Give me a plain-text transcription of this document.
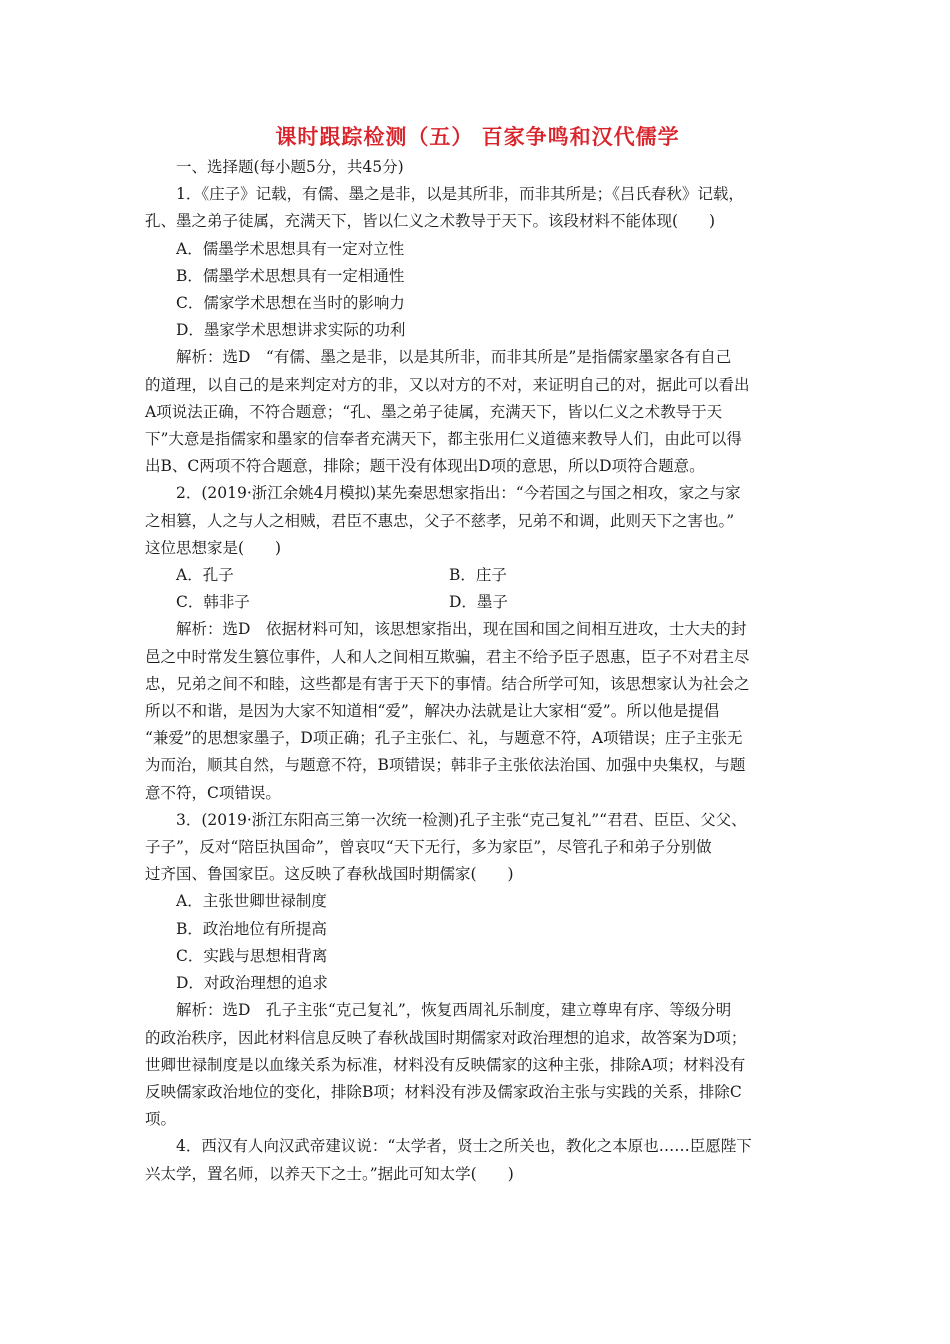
课时跟踪检测（五） 百家争鸣和汉代儒学

一、选择题(每小题5分，共45分)

1．《庄子》记载，有儒、墨之是非，以是其所非，而非其所是；《吕氏春秋》记载，

孔、墨之弟子徒属，充满天下，皆以仁义之术教导于天下。该段材料不能体现(　　)

A．儒墨学术思想具有一定对立性

B．儒墨学术思想具有一定相通性

C．儒家学术思想在当时的影响力

D．墨家学术思想讲求实际的功利

解析：选D　“有儒、墨之是非，以是其所非，而非其所是”是指儒家墨家各有自己

的道理，以自己的是来判定对方的非，又以对方的不对，来证明自己的对，据此可以看出

A项说法正确，不符合题意；“孔、墨之弟子徒属，充满天下，皆以仁义之术教导于天

下”大意是指儒家和墨家的信奉者充满天下，都主张用仁义道德来教导人们，由此可以得

出B、C两项不符合题意，排除；题干没有体现出D项的意思，所以D项符合题意。

2．(2019·浙江余姚4月模拟)某先秦思想家指出：“今若国之与国之相攻，家之与家

之相篡，人之与人之相贼，君臣不惠忠，父子不慈孝，兄弟不和调，此则天下之害也。”

这位思想家是(　　)

A．孔子	B．庄子
C．韩非子	D．墨子

解析：选D　依据材料可知，该思想家指出，现在国和国之间相互进攻，士大夫的封

邑之中时常发生篡位事件，人和人之间相互欺骗，君主不给予臣子恩惠，臣子不对君主尽

忠，兄弟之间不和睦，这些都是有害于天下的事情。结合所学可知，该思想家认为社会之

所以不和谐，是因为大家不知道相“爱”，解决办法就是让大家相“爱”。所以他是提倡

“兼爱”的思想家墨子，D项正确；孔子主张仁、礼，与题意不符，A项错误；庄子主张无

为而治，顺其自然，与题意不符，B项错误；韩非子主张依法治国、加强中央集权，与题

意不符，C项错误。

3．(2019·浙江东阳高三第一次统一检测)孔子主张“克己复礼”“君君、臣臣、父父、

子子”，反对“陪臣执国命”，曾哀叹“天下无行，多为家臣”，尽管孔子和弟子分别做

过齐国、鲁国家臣。这反映了春秋战国时期儒家(　　)

A．主张世卿世禄制度

B．政治地位有所提高

C．实践与思想相背离

D．对政治理想的追求

解析：选D　孔子主张“克己复礼”，恢复西周礼乐制度，建立尊卑有序、等级分明

的政治秩序，因此材料信息反映了春秋战国时期儒家对政治理想的追求，故答案为D项；

世卿世禄制度是以血缘关系为标准，材料没有反映儒家的这种主张，排除A项；材料没有

反映儒家政治地位的变化，排除B项；材料没有涉及儒家政治主张与实践的关系，排除C

项。

4．西汉有人向汉武帝建议说：“太学者，贤士之所关也，教化之本原也……臣愿陛下

兴太学，置名师，以养天下之士。”据此可知太学(　　)
